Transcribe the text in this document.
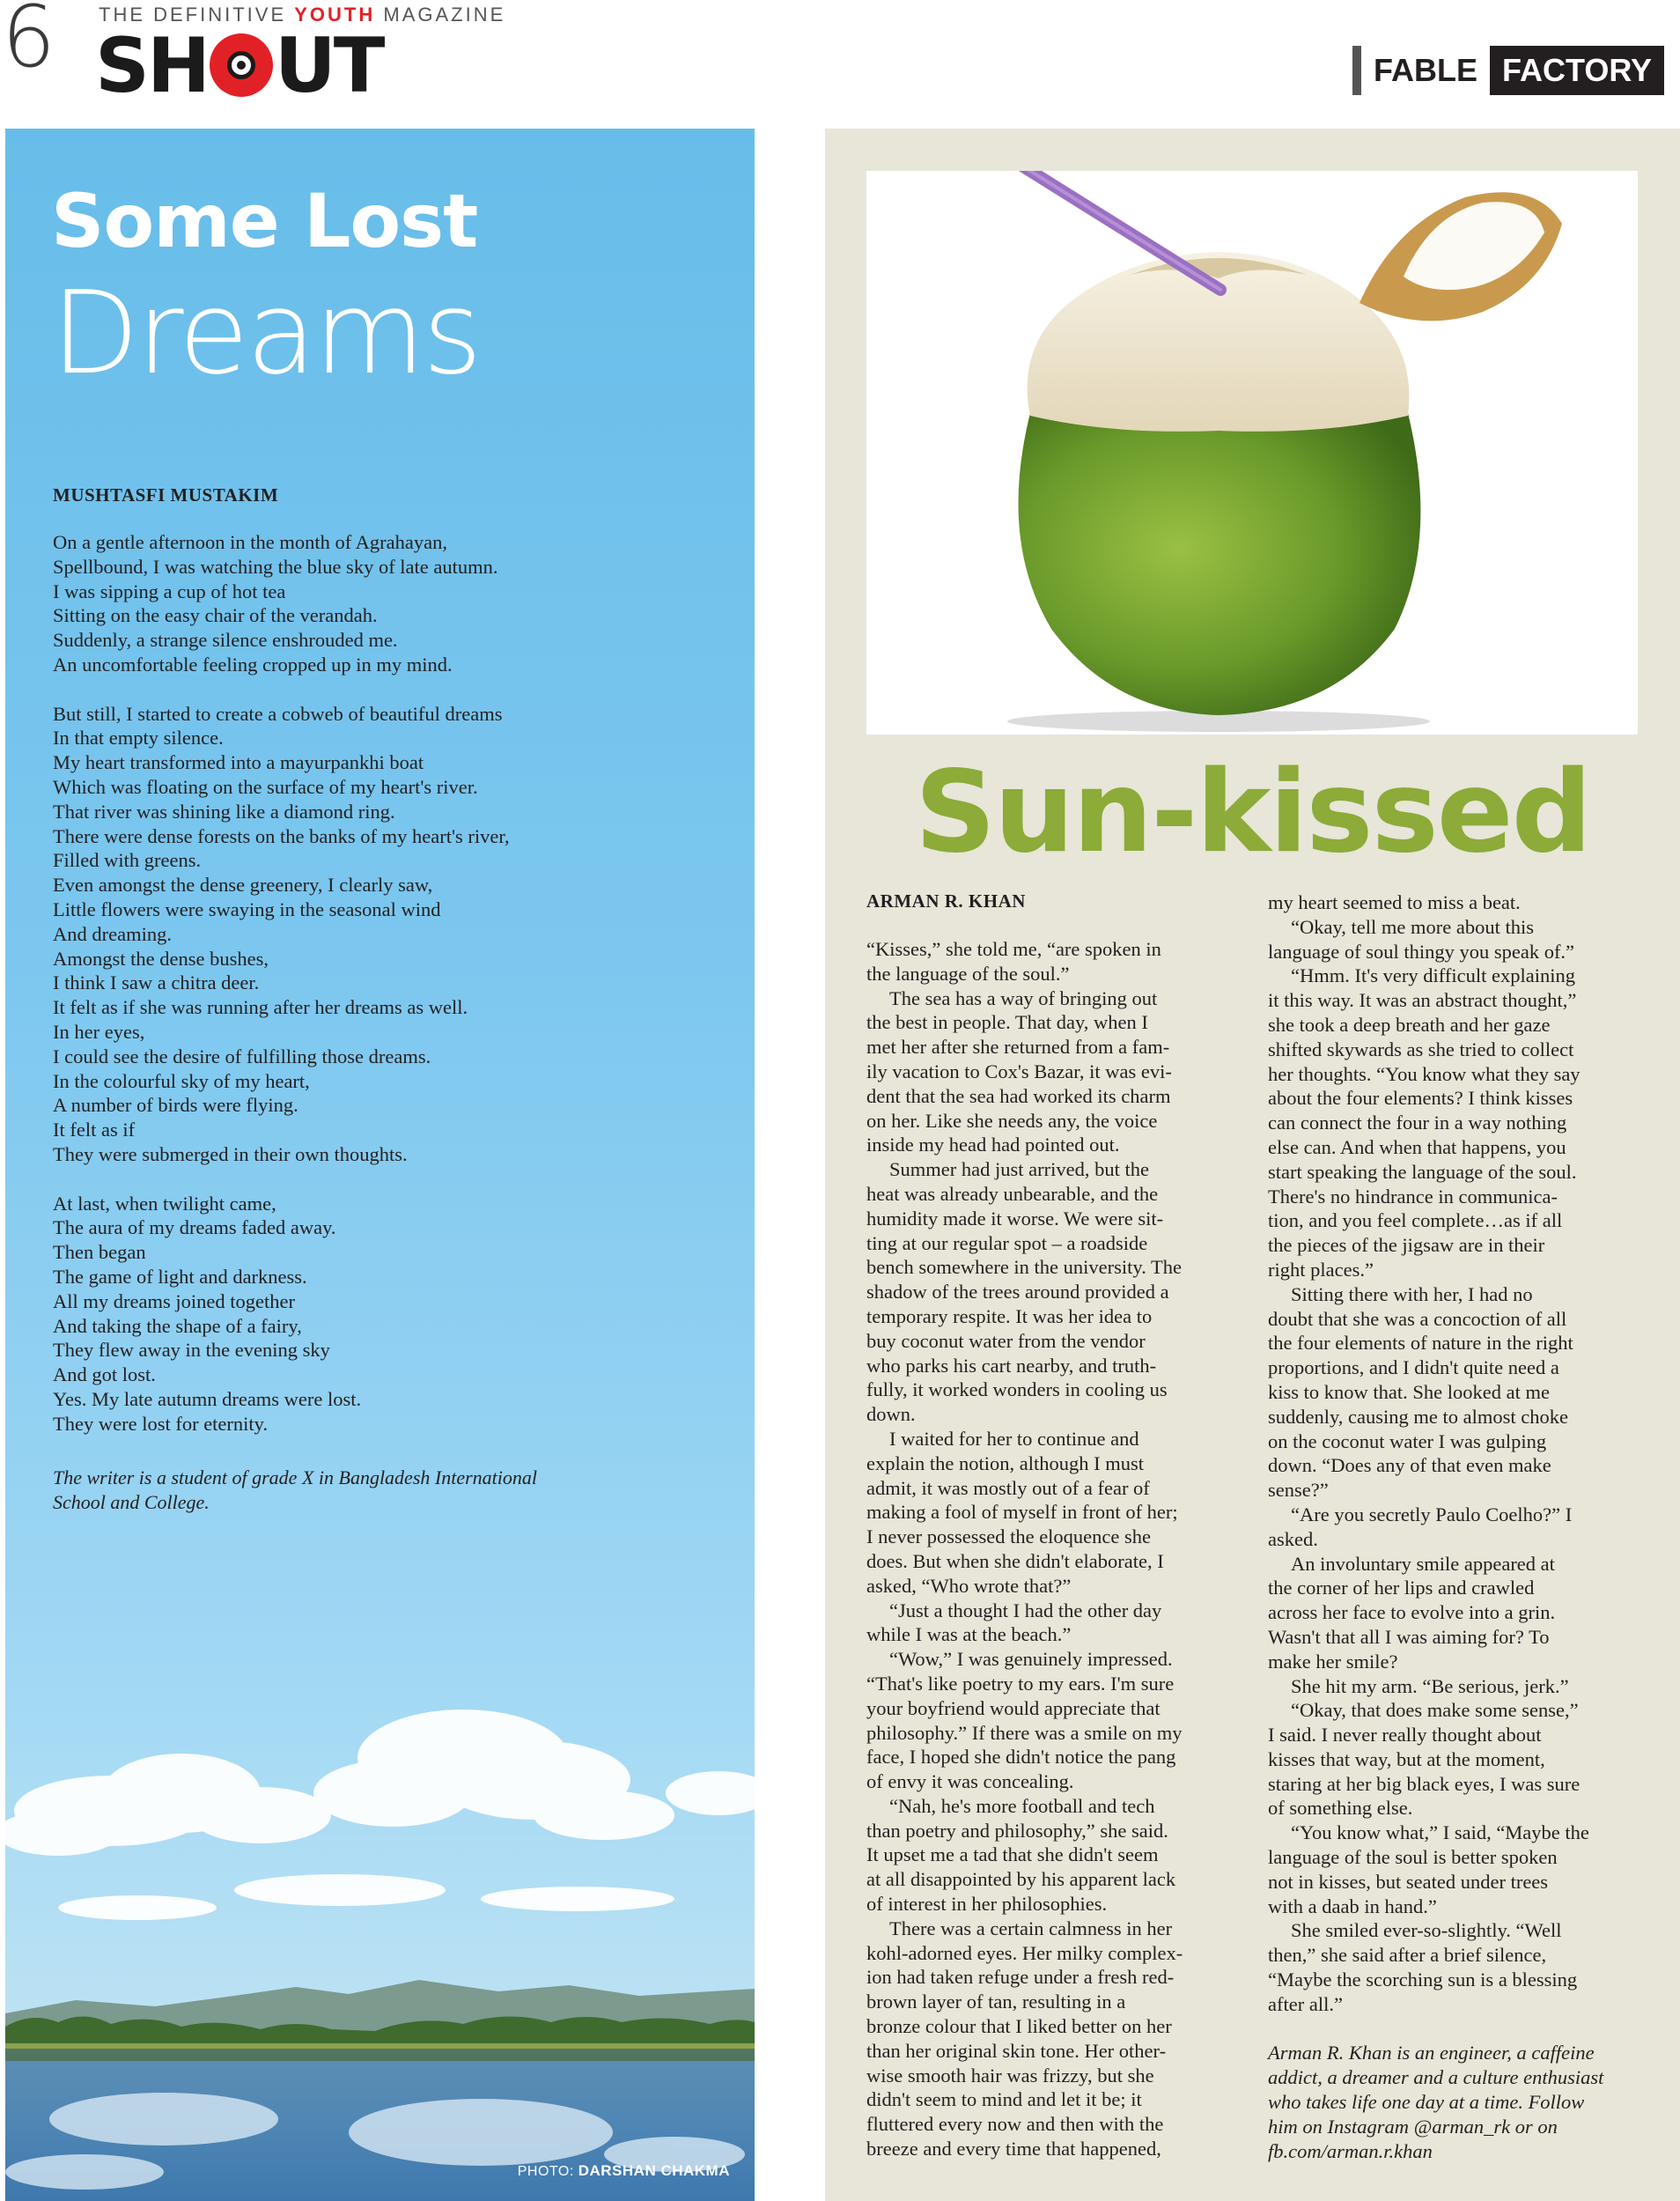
6 THE DEFINITIVE YOUTH MAGAZINE
SH UT	FABLE FACTORY
Some Lost
Dreams
MUSHTASFI MUSTAKIM
On a gentle afternoon in the month of Agrahayan,
Spellbound, I was watching the blue sky of late autumn.
I was sipping a cup of hot tea
Sitting on the easy chair of the verandah.
Suddenly, a strange silence enshrouded me.
An uncomfortable feeling cropped up in my mind.
But still, I started to create a cobweb of beautiful dreams
In that empty silence.
My heart transformed into a mayurpankhi boat
Which was floating on the surface of my heart's river.
That river was shining like a diamond ring.
There were dense forests on the banks of my heart's river,
Filled with greens.
Even amongst the dense greenery, I clearly saw,
Little flowers were swaying in the seasonal wind
And dreaming.
Amongst the dense bushes,
I think I saw a chitra deer.
It felt as if she was running after her dreams as well.
In her eyes,
I could see the desire of fulfilling those dreams.
In the colourful sky of my heart,
A number of birds were flying.
It felt as if
They were submerged in their own thoughts.
At last, when twilight came,
The aura of my dreams faded away.
Then began
The game of light and darkness.
All my dreams joined together
And taking the shape of a fairy,
They flew away in the evening sky
And got lost.
Yes. My late autumn dreams were lost.
They were lost for eternity.
The writer is a student of grade X in Bangladesh International
School and College.
PHOTO: DARSHAN CHAKMA
Sun-kissed
ARMAN R. KHAN

“Kisses,” she told me, “are spoken in

the language of the soul.”

The sea has a way of bringing out

the best in people. That day, when I

met her after she returned from a fam-

ily vacation to Cox's Bazar, it was evi-

dent that the sea had worked its charm

on her. Like she needs any, the voice

inside my head had pointed out.

Summer had just arrived, but the

heat was already unbearable, and the

humidity made it worse. We were sit-

ting at our regular spot – a roadside

bench somewhere in the university. The

shadow of the trees around provided a

temporary respite. It was her idea to

buy coconut water from the vendor

who parks his cart nearby, and truth-

fully, it worked wonders in cooling us

down.

I waited for her to continue and

explain the notion, although I must

admit, it was mostly out of a fear of

making a fool of myself in front of her;

I never possessed the eloquence she

does. But when she didn't elaborate, I

asked, “Who wrote that?”

“Just a thought I had the other day

while I was at the beach.”

“Wow,” I was genuinely impressed.

“That's like poetry to my ears. I'm sure

your boyfriend would appreciate that

philosophy.” If there was a smile on my

face, I hoped she didn't notice the pang

of envy it was concealing.

“Nah, he's more football and tech

than poetry and philosophy,” she said.

It upset me a tad that she didn't seem

at all disappointed by his apparent lack

of interest in her philosophies.

There was a certain calmness in her

kohl-adorned eyes. Her milky complex-

ion had taken refuge under a fresh red-

brown layer of tan, resulting in a

bronze colour that I liked better on her

than her original skin tone. Her other-

wise smooth hair was frizzy, but she

didn't seem to mind and let it be; it

fluttered every now and then with the

breeze and every time that happened,

my heart seemed to miss a beat.

“Okay, tell me more about this

language of soul thingy you speak of.”

“Hmm. It's very difficult explaining

it this way. It was an abstract thought,”

she took a deep breath and her gaze

shifted skywards as she tried to collect

her thoughts. “You know what they say

about the four elements? I think kisses

can connect the four in a way nothing

else can. And when that happens, you

start speaking the language of the soul.

There's no hindrance in communica-

tion, and you feel complete…as if all

the pieces of the jigsaw are in their

right places.”

Sitting there with her, I had no

doubt that she was a concoction of all

the four elements of nature in the right

proportions, and I didn't quite need a

kiss to know that. She looked at me

suddenly, causing me to almost choke

on the coconut water I was gulping

down. “Does any of that even make

sense?”

“Are you secretly Paulo Coelho?” I

asked.

An involuntary smile appeared at

the corner of her lips and crawled

across her face to evolve into a grin.

Wasn't that all I was aiming for? To

make her smile?

She hit my arm. “Be serious, jerk.”

“Okay, that does make some sense,”

I said. I never really thought about

kisses that way, but at the moment,

staring at her big black eyes, I was sure

of something else.

“You know what,” I said, “Maybe the

language of the soul is better spoken

not in kisses, but seated under trees

with a daab in hand.”

She smiled ever-so-slightly. “Well

then,” she said after a brief silence,

“Maybe the scorching sun is a blessing

after all.”

Arman R. Khan is an engineer, a caffeine

addict, a dreamer and a culture enthusiast

who takes life one day at a time. Follow

him on Instagram @arman_rk or on

fb.com/arman.r.khan
